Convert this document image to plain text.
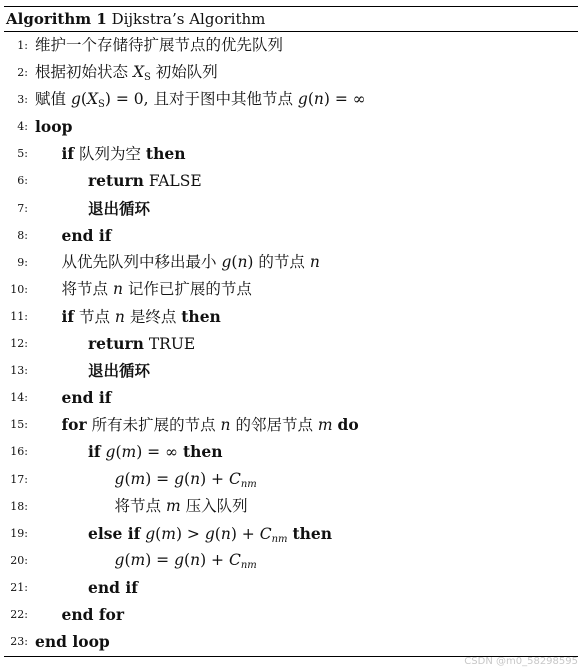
Algorithm 1 Dijkstra’s Algorithm
1: 维护一个存储待扩展节点的优先队列
2: 根据初始状态 $X_S$ 初始队列
3: 赋值 $g(X_S) = 0$, 且对于图中其他节点 g(n) = ∞
4: loop
5: if 队列为空 then
6:	return FALSE
7:	退出循环
8: end if
9: 从优先队列中移出最小 g(n) 的节点 n
10: 将节点 n 记作已扩展的节点
11: if 节点 n 是终点 then
12:	return TRUE
13:	退出循环
14: end if
15: for 所有未扩展的节点 n 的邻居节点 m do
16:	if g(m) = ∞ then
17:	g(m) = g(n) + Cnm
18:	将节点 m 压入队列
19:	else if g(m) > g(n) + Cnm then
20:	g(m) = g(n) + Cnm
21:	end if
22: end for
23: end loop
CSDN @m0_58298595
